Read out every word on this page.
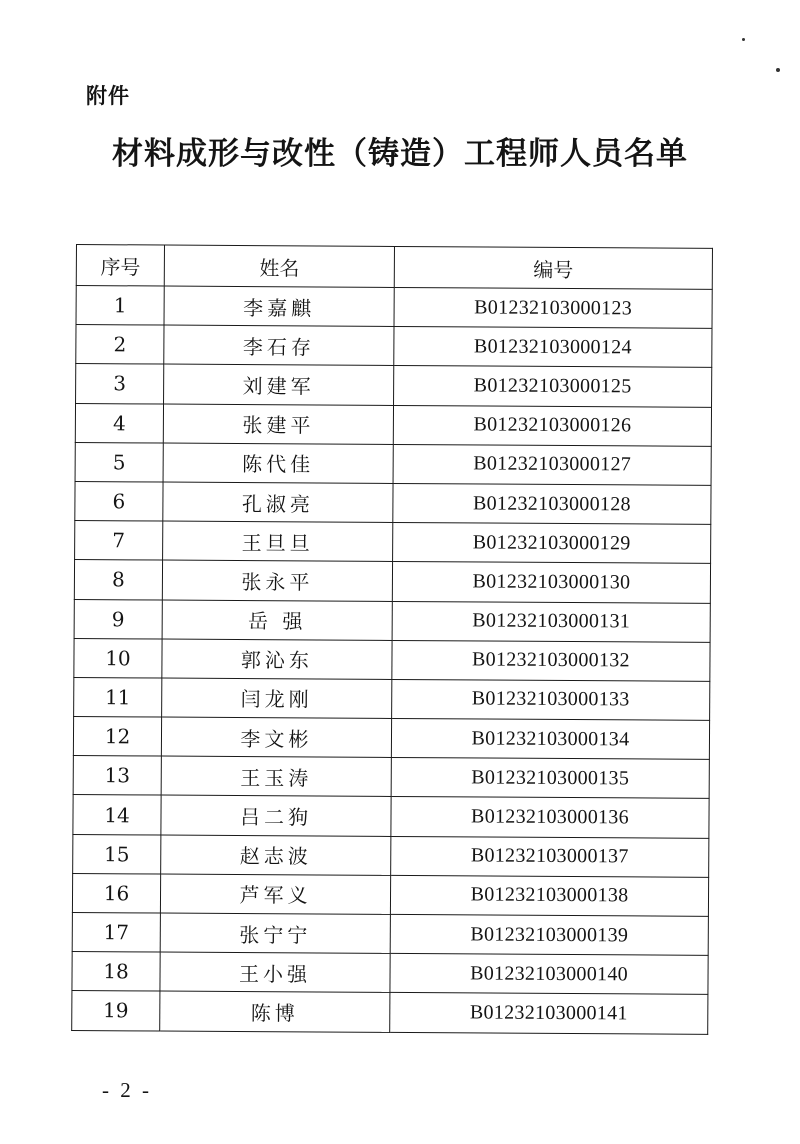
附件
材料成形与改性（铸造）工程师人员名单
序号	姓名	编号
1	李嘉麒	B01232103000123
2	李石存	B01232103000124
3	刘建军	B01232103000125
4	张建平	B01232103000126
5	陈代佳	B01232103000127
6	孔淑亮	B01232103000128
7	王旦旦	B01232103000129
8	张永平	B01232103000130
9	岳 强	B01232103000131
10	郭沁东	B01232103000132
11	闫龙刚	B01232103000133
12	李文彬	B01232103000134
13	王玉涛	B01232103000135
14	吕二狗	B01232103000136
15	赵志波	B01232103000137
16	芦军义	B01232103000138
17	张宁宁	B01232103000139
18	王小强	B01232103000140
19	陈博	B01232103000141
- 2 -
